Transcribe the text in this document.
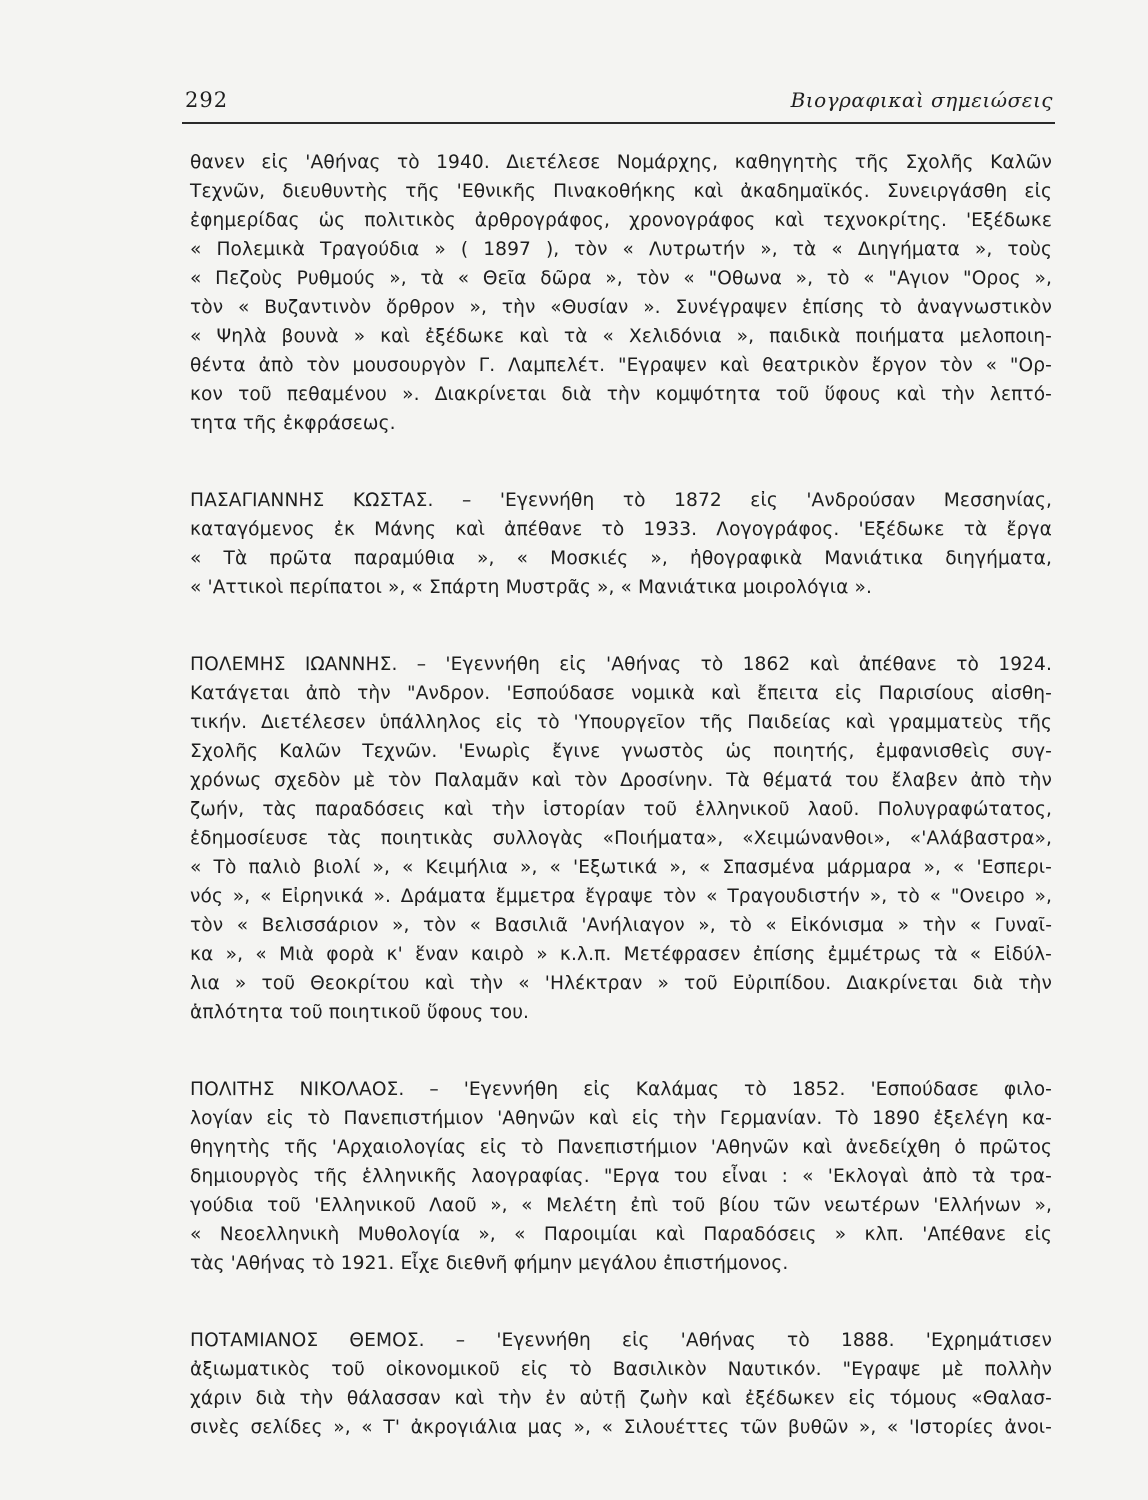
292	Βιογραφικαὶ σημειώσεις
θανεν εἰς 'Αθήνας τὸ 1940. Διετέλεσε Νομάρχης, καθηγητὴς τῆς Σχολῆς Καλῶν
Τεχνῶν, διευθυντὴς τῆς 'Εθνικῆς Πινακοθήκης καὶ ἀκαδημαϊκός. Συνειργάσθη εἰς
ἐφημερίδας ὡς πολιτικὸς ἀρθρογράφος, χρονογράφος καὶ τεχνοκρίτης. 'Εξέδωκε
« Πολεμικὰ Τραγούδια » ( 1897 ), τὸν « Λυτρωτήν », τὰ « Διηγήματα », τοὺς
« Πεζοὺς Ρυθμούς », τὰ « Θεῖα δῶρα », τὸν « "Οθωνα », τὸ « "Αγιον "Ορος »,
τὸν « Βυζαντινὸν ὄρθρον », τὴν «Θυσίαν ». Συνέγραψεν ἐπίσης τὸ ἀναγνωστικὸν
« Ψηλὰ βουνὰ » καὶ ἐξέδωκε καὶ τὰ « Χελιδόνια », παιδικὰ ποιήματα μελοποιη-
θέντα ἀπὸ τὸν μουσουργὸν Γ. Λαμπελέτ. "Εγραψεν καὶ θεατρικὸν ἔργον τὸν « "Ορ-
κον τοῦ πεθαμένου ». Διακρίνεται διὰ τὴν κομψότητα τοῦ ὕφους καὶ τὴν λεπτό-
τητα τῆς ἐκφράσεως.
ΠΑΣΑΓΙΑΝΝΗΣ ΚΩΣΤΑΣ. – 'Εγεννήθη τὸ 1872 εἰς 'Ανδρούσαν Μεσσηνίας,
καταγόμενος ἐκ Μάνης καὶ ἀπέθανε τὸ 1933. Λογογράφος. 'Εξέδωκε τὰ ἔργα
« Τὰ πρῶτα παραμύθια », « Μοσκιές », ἠθογραφικὰ Μανιάτικα διηγήματα,
« 'Αττικοὶ περίπατοι », « Σπάρτη Μυστρᾶς », « Μανιάτικα μοιρολόγια ».
ΠΟΛΕΜΗΣ ΙΩΑΝΝΗΣ. – 'Εγεννήθη εἰς 'Αθήνας τὸ 1862 καὶ ἀπέθανε τὸ 1924.
Κατάγεται ἀπὸ τὴν "Ανδρον. 'Εσπούδασε νομικὰ καὶ ἔπειτα εἰς Παρισίους αἰσθη-
τικήν. Διετέλεσεν ὑπάλληλος εἰς τὸ 'Υπουργεῖον τῆς Παιδείας καὶ γραμματεὺς τῆς
Σχολῆς Καλῶν Τεχνῶν. 'Ενωρὶς ἔγινε γνωστὸς ὡς ποιητής, ἐμφανισθεὶς συγ-
χρόνως σχεδὸν μὲ τὸν Παλαμᾶν καὶ τὸν Δροσίνην. Τὰ θέματά του ἔλαβεν ἀπὸ τὴν
ζωήν, τὰς παραδόσεις καὶ τὴν ἱστορίαν τοῦ ἑλληνικοῦ λαοῦ. Πολυγραφώτατος,
ἐδημοσίευσε τὰς ποιητικὰς συλλογὰς «Ποιήματα», «Χειμώνανθοι», «'Αλάβαστρα»,
« Τὸ παλιὸ βιολί », « Κειμήλια », « 'Εξωτικά », « Σπασμένα μάρμαρα », « 'Εσπερι-
νός », « Εἰρηνικά ». Δράματα ἔμμετρα ἔγραψε τὸν « Τραγουδιστήν », τὸ « "Ονειρο »,
τὸν « Βελισσάριον », τὸν « Βασιλιᾶ 'Ανήλιαγον », τὸ « Εἰκόνισμα » τὴν « Γυναῖ-
κα », « Μιὰ φορὰ κ' ἕναν καιρὸ » κ.λ.π. Μετέφρασεν ἐπίσης ἐμμέτρως τὰ « Εἰδύλ-
λια » τοῦ Θεοκρίτου καὶ τὴν « 'Ηλέκτραν » τοῦ Εὐριπίδου. Διακρίνεται διὰ τὴν
ἁπλότητα τοῦ ποιητικοῦ ὕφους του.
ΠΟΛΙΤΗΣ ΝΙΚΟΛΑΟΣ. – 'Εγεννήθη εἰς Καλάμας τὸ 1852. 'Εσπούδασε φιλο-
λογίαν εἰς τὸ Πανεπιστήμιον 'Αθηνῶν καὶ εἰς τὴν Γερμανίαν. Τὸ 1890 ἐξελέγη κα-
θηγητὴς τῆς 'Αρχαιολογίας εἰς τὸ Πανεπιστήμιον 'Αθηνῶν καὶ ἀνεδείχθη ὁ πρῶτος
δημιουργὸς τῆς ἑλληνικῆς λαογραφίας. "Εργα του εἶναι : « 'Εκλογαὶ ἀπὸ τὰ τρα-
γούδια τοῦ 'Ελληνικοῦ Λαοῦ », « Μελέτη ἐπὶ τοῦ βίου τῶν νεωτέρων 'Ελλήνων »,
« Νεοελληνικὴ Μυθολογία », « Παροιμίαι καὶ Παραδόσεις » κλπ. 'Απέθανε εἰς
τὰς 'Αθήνας τὸ 1921. Εἶχε διεθνῆ φήμην μεγάλου ἐπιστήμονος.
ΠΟΤΑΜΙΑΝΟΣ ΘΕΜΟΣ. – 'Εγεννήθη εἰς 'Αθήνας τὸ 1888. 'Εχρημάτισεν
ἀξιωματικὸς τοῦ οἰκονομικοῦ εἰς τὸ Βασιλικὸν Ναυτικόν. "Εγραψε μὲ πολλὴν
χάριν διὰ τὴν θάλασσαν καὶ τὴν ἐν αὐτῇ ζωὴν καὶ ἐξέδωκεν εἰς τόμους «Θαλασ-
σινὲς σελίδες », « Τ' ἀκρογιάλια μας », « Σιλουέττες τῶν βυθῶν », « 'Ιστορίες ἀνοι-
